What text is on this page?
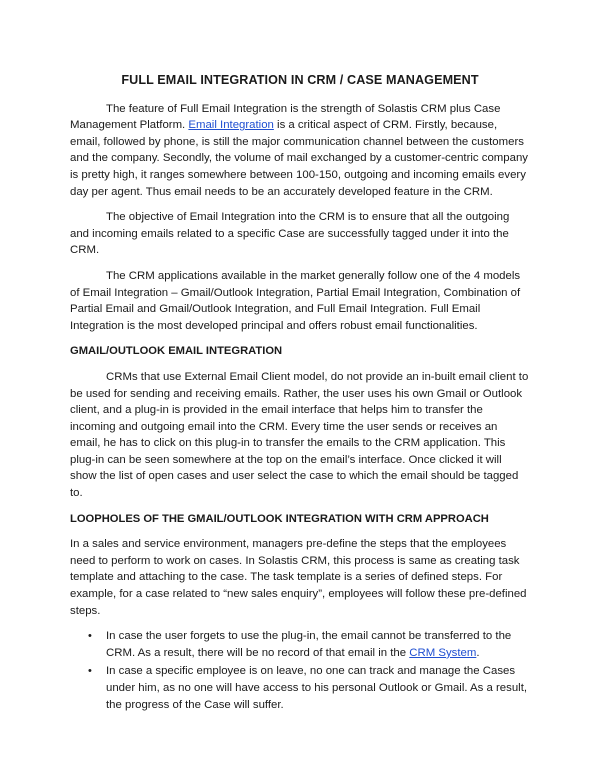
FULL EMAIL INTEGRATION IN CRM / CASE MANAGEMENT

The feature of Full Email Integration is the strength of Solastis CRM plus Case Management Platform. Email Integration is a critical aspect of CRM. Firstly, because, email, followed by phone, is still the major communication channel between the customers and the company. Secondly, the volume of mail exchanged by a customer-centric company is pretty high, it ranges somewhere between 100-150, outgoing and incoming emails every day per agent. Thus email needs to be an accurately developed feature in the CRM.

The objective of Email Integration into the CRM is to ensure that all the outgoing and incoming emails related to a specific Case are successfully tagged under it into the CRM.

The CRM applications available in the market generally follow one of the 4 models of Email Integration – Gmail/Outlook Integration, Partial Email Integration, Combination of Partial Email and Gmail/Outlook Integration, and Full Email Integration. Full Email Integration is the most developed principal and offers robust email functionalities.

GMAIL/OUTLOOK EMAIL INTEGRATION

CRMs that use External Email Client model, do not provide an in-built email client to be used for sending and receiving emails. Rather, the user uses his own Gmail or Outlook client, and a plug-in is provided in the email interface that helps him to transfer the incoming and outgoing email into the CRM. Every time the user sends or receives an email, he has to click on this plug-in to transfer the emails to the CRM application. This plug-in can be seen somewhere at the top on the email’s interface. Once clicked it will show the list of open cases and user select the case to which the email should be tagged to.

LOOPHOLES OF THE GMAIL/OUTLOOK INTEGRATION WITH CRM APPROACH

In a sales and service environment, managers pre-define the steps that the employees need to perform to work on cases. In Solastis CRM, this process is same as creating task template and attaching to the case. The task template is a series of defined steps. For example, for a case related to “new sales enquiry”, employees will follow these pre-defined steps.

• In case the user forgets to use the plug-in, the email cannot be transferred to the CRM. As a result, there will be no record of that email in the CRM System.
• In case a specific employee is on leave, no one can track and manage the Cases under him, as no one will have access to his personal Outlook or Gmail. As a result, the progress of the Case will suffer.
